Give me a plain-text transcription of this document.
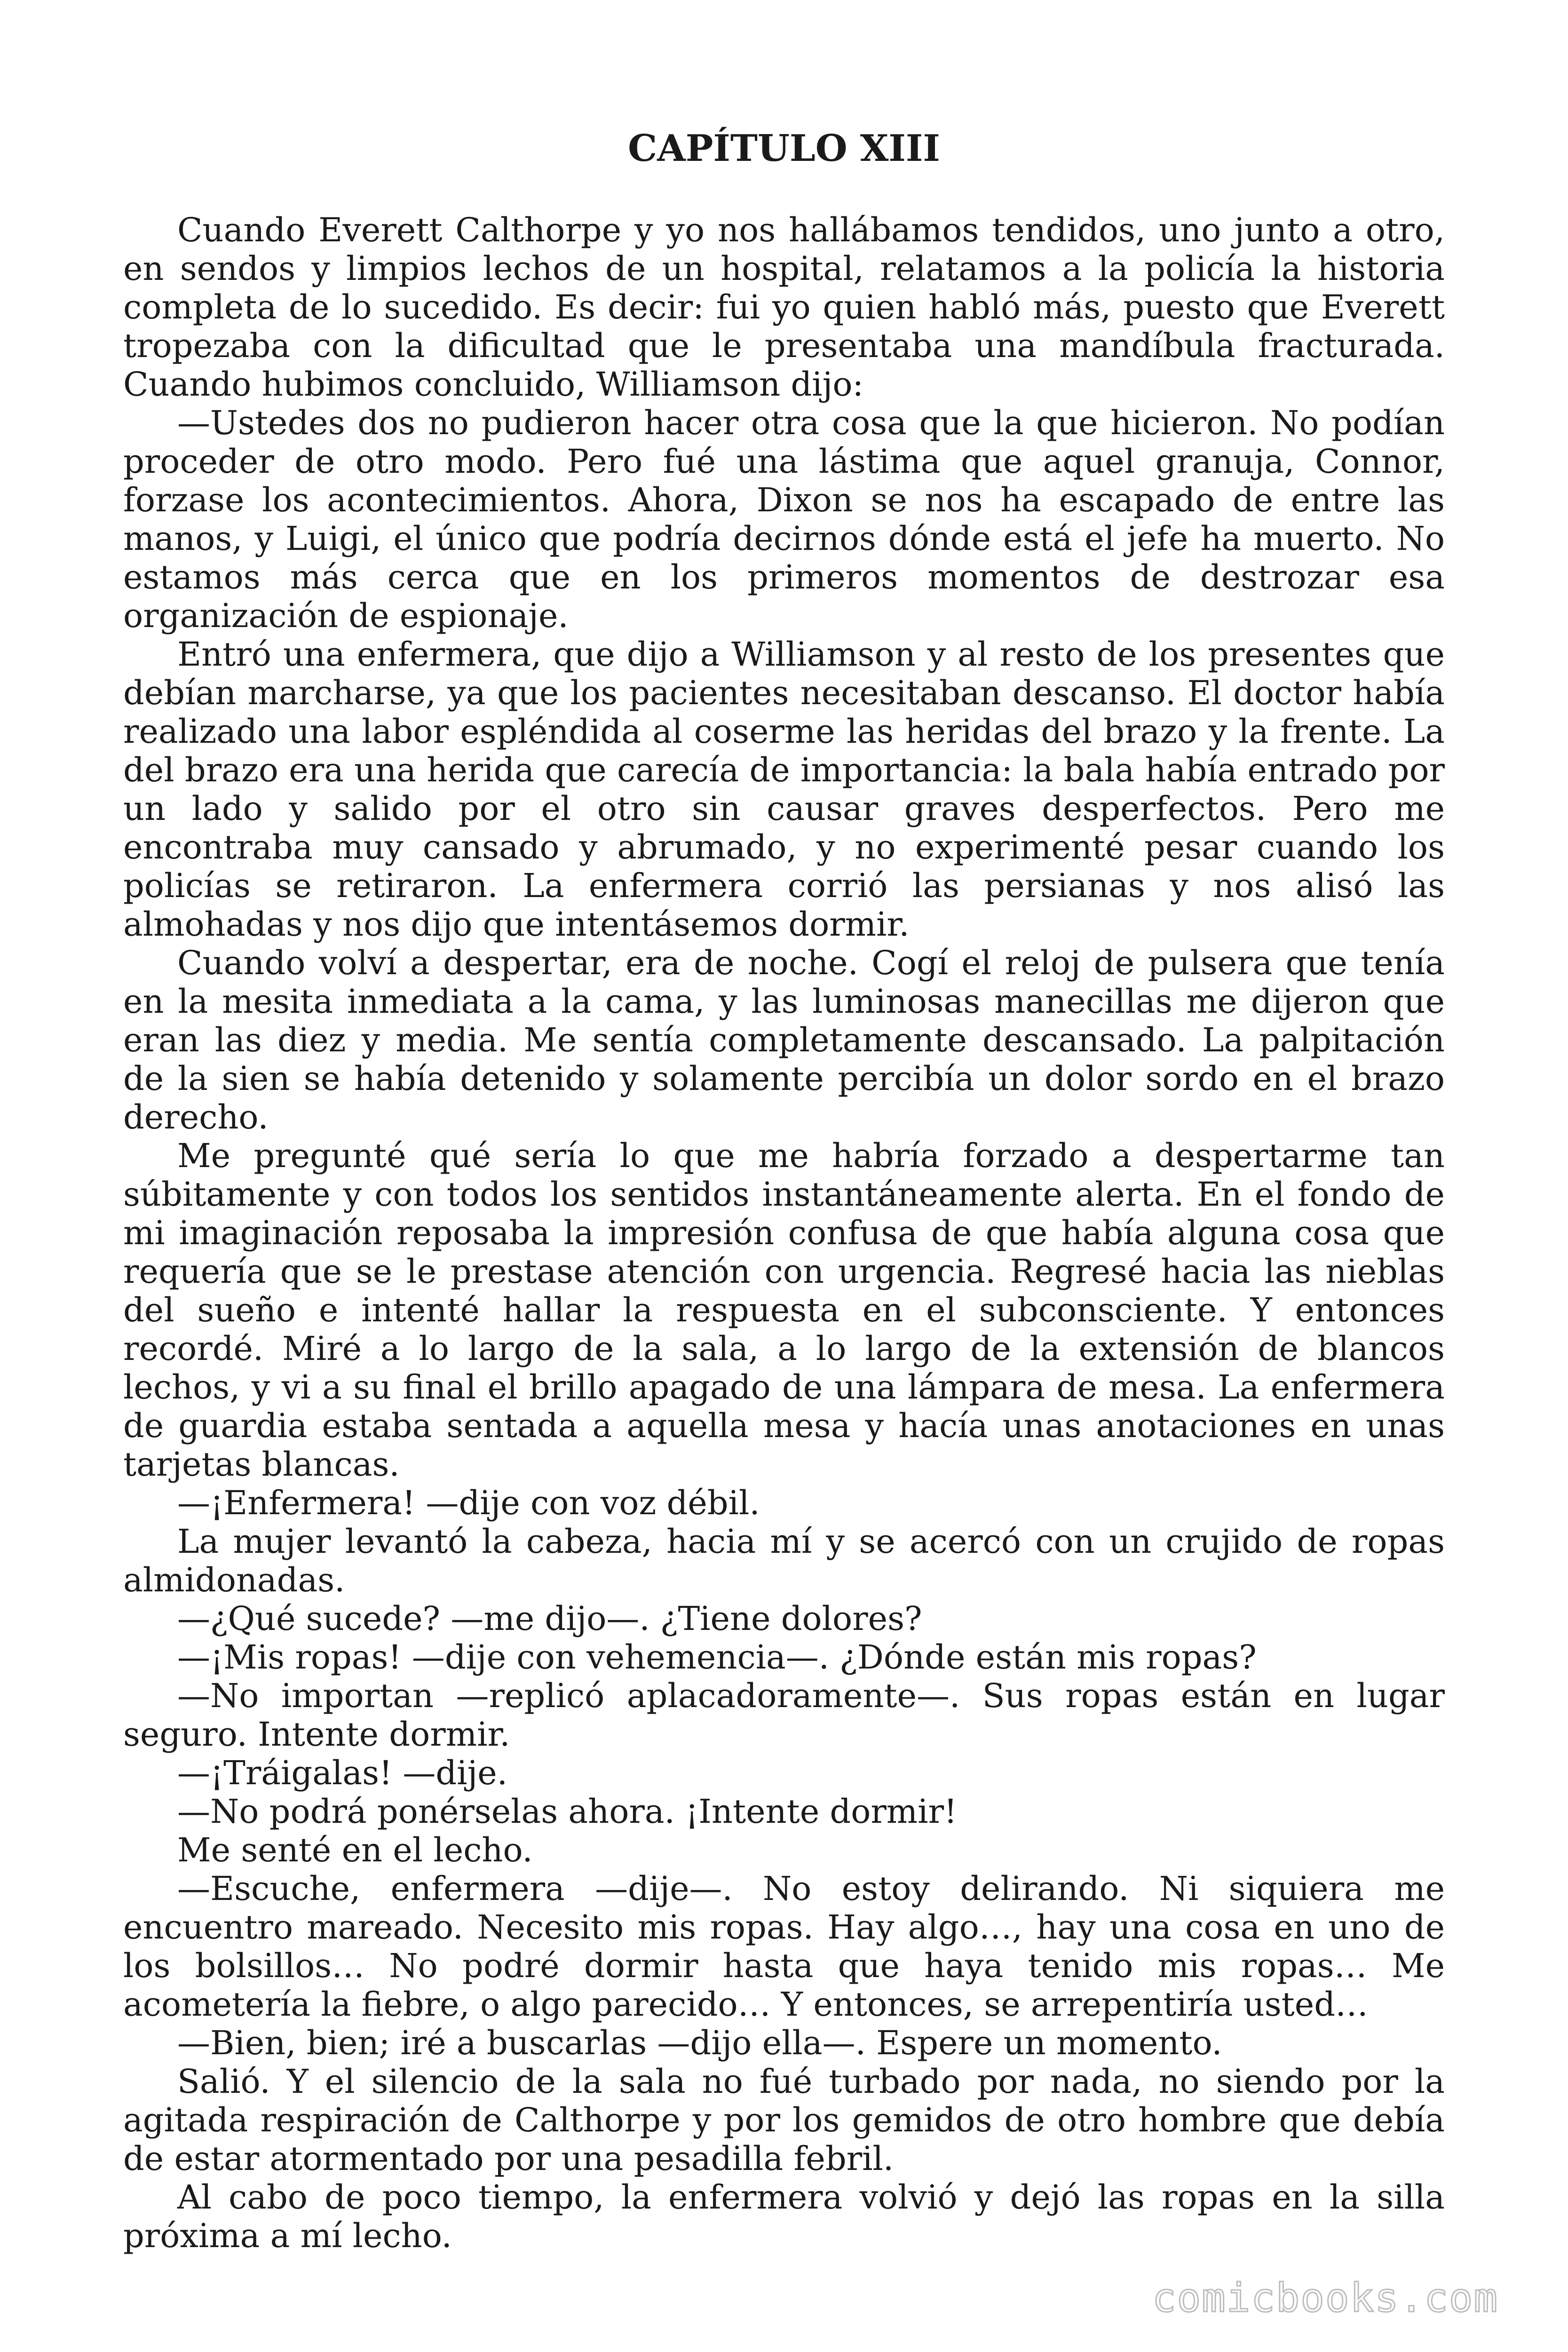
CAPÍTULO XIII

Cuando Everett Calthorpe y yo nos hallábamos tendidos, uno junto a otro, en sendos y limpios lechos de un hospital, relatamos a la policía la historia completa de lo sucedido. Es decir: fui yo quien habló más, puesto que Everett tropezaba con la dificultad que le presentaba una mandíbula fracturada. Cuando hubimos concluido, Williamson dijo:

—Ustedes dos no pudieron hacer otra cosa que la que hicieron. No podían proceder de otro modo. Pero fué una lástima que aquel granuja, Connor, forzase los acontecimientos. Ahora, Dixon se nos ha escapado de entre las manos, y Luigi, el único que podría decirnos dónde está el jefe ha muerto. No estamos más cerca que en los primeros momentos de destrozar esa organización de espionaje.

Entró una enfermera, que dijo a Williamson y al resto de los presentes que debían marcharse, ya que los pacientes necesitaban descanso. El doctor había realizado una labor espléndida al coserme las heridas del brazo y la frente. La del brazo era una herida que carecía de importancia: la bala había entrado por un lado y salido por el otro sin causar graves desperfectos. Pero me encontraba muy cansado y abrumado, y no experimenté pesar cuando los policías se retiraron. La enfermera corrió las persianas y nos alisó las almohadas y nos dijo que intentásemos dormir.

Cuando volví a despertar, era de noche. Cogí el reloj de pulsera que tenía en la mesita inmediata a la cama, y las luminosas manecillas me dijeron que eran las diez y media. Me sentía completamente descansado. La palpitación de la sien se había detenido y solamente percibía un dolor sordo en el brazo derecho.

Me pregunté qué sería lo que me habría forzado a despertarme tan súbitamente y con todos los sentidos instantáneamente alerta. En el fondo de mi imaginación reposaba la impresión confusa de que había alguna cosa que requería que se le prestase atención con urgencia. Regresé hacia las nieblas del sueño e intenté hallar la respuesta en el subconsciente. Y entonces recordé. Miré a lo largo de la sala, a lo largo de la extensión de blancos lechos, y vi a su final el brillo apagado de una lámpara de mesa. La enfermera de guardia estaba sentada a aquella mesa y hacía unas anotaciones en unas tarjetas blancas.

—¡Enfermera! —dije con voz débil.

La mujer levantó la cabeza, hacia mí y se acercó con un crujido de ropas almidonadas.

—¿Qué sucede? —me dijo—. ¿Tiene dolores?

—¡Mis ropas! —dije con vehemencia—. ¿Dónde están mis ropas?

—No importan —replicó aplacadoramente—. Sus ropas están en lugar seguro. Intente dormir.

—¡Tráigalas! —dije.

—No podrá ponérselas ahora. ¡Intente dormir!

Me senté en el lecho.

—Escuche, enfermera —dije—. No estoy delirando. Ni siquiera me encuentro mareado. Necesito mis ropas. Hay algo…, hay una cosa en uno de los bolsillos… No podré dormir hasta que haya tenido mis ropas… Me acometería la fiebre, o algo parecido… Y entonces, se arrepentiría usted…

—Bien, bien; iré a buscarlas —dijo ella—. Espere un momento.

Salió. Y el silencio de la sala no fué turbado por nada, no siendo por la agitada respiración de Calthorpe y por los gemidos de otro hombre que debía de estar atormentado por una pesadilla febril.

Al cabo de poco tiempo, la enfermera volvió y dejó las ropas en la silla próxima a mí lecho.

comicbooks.com
